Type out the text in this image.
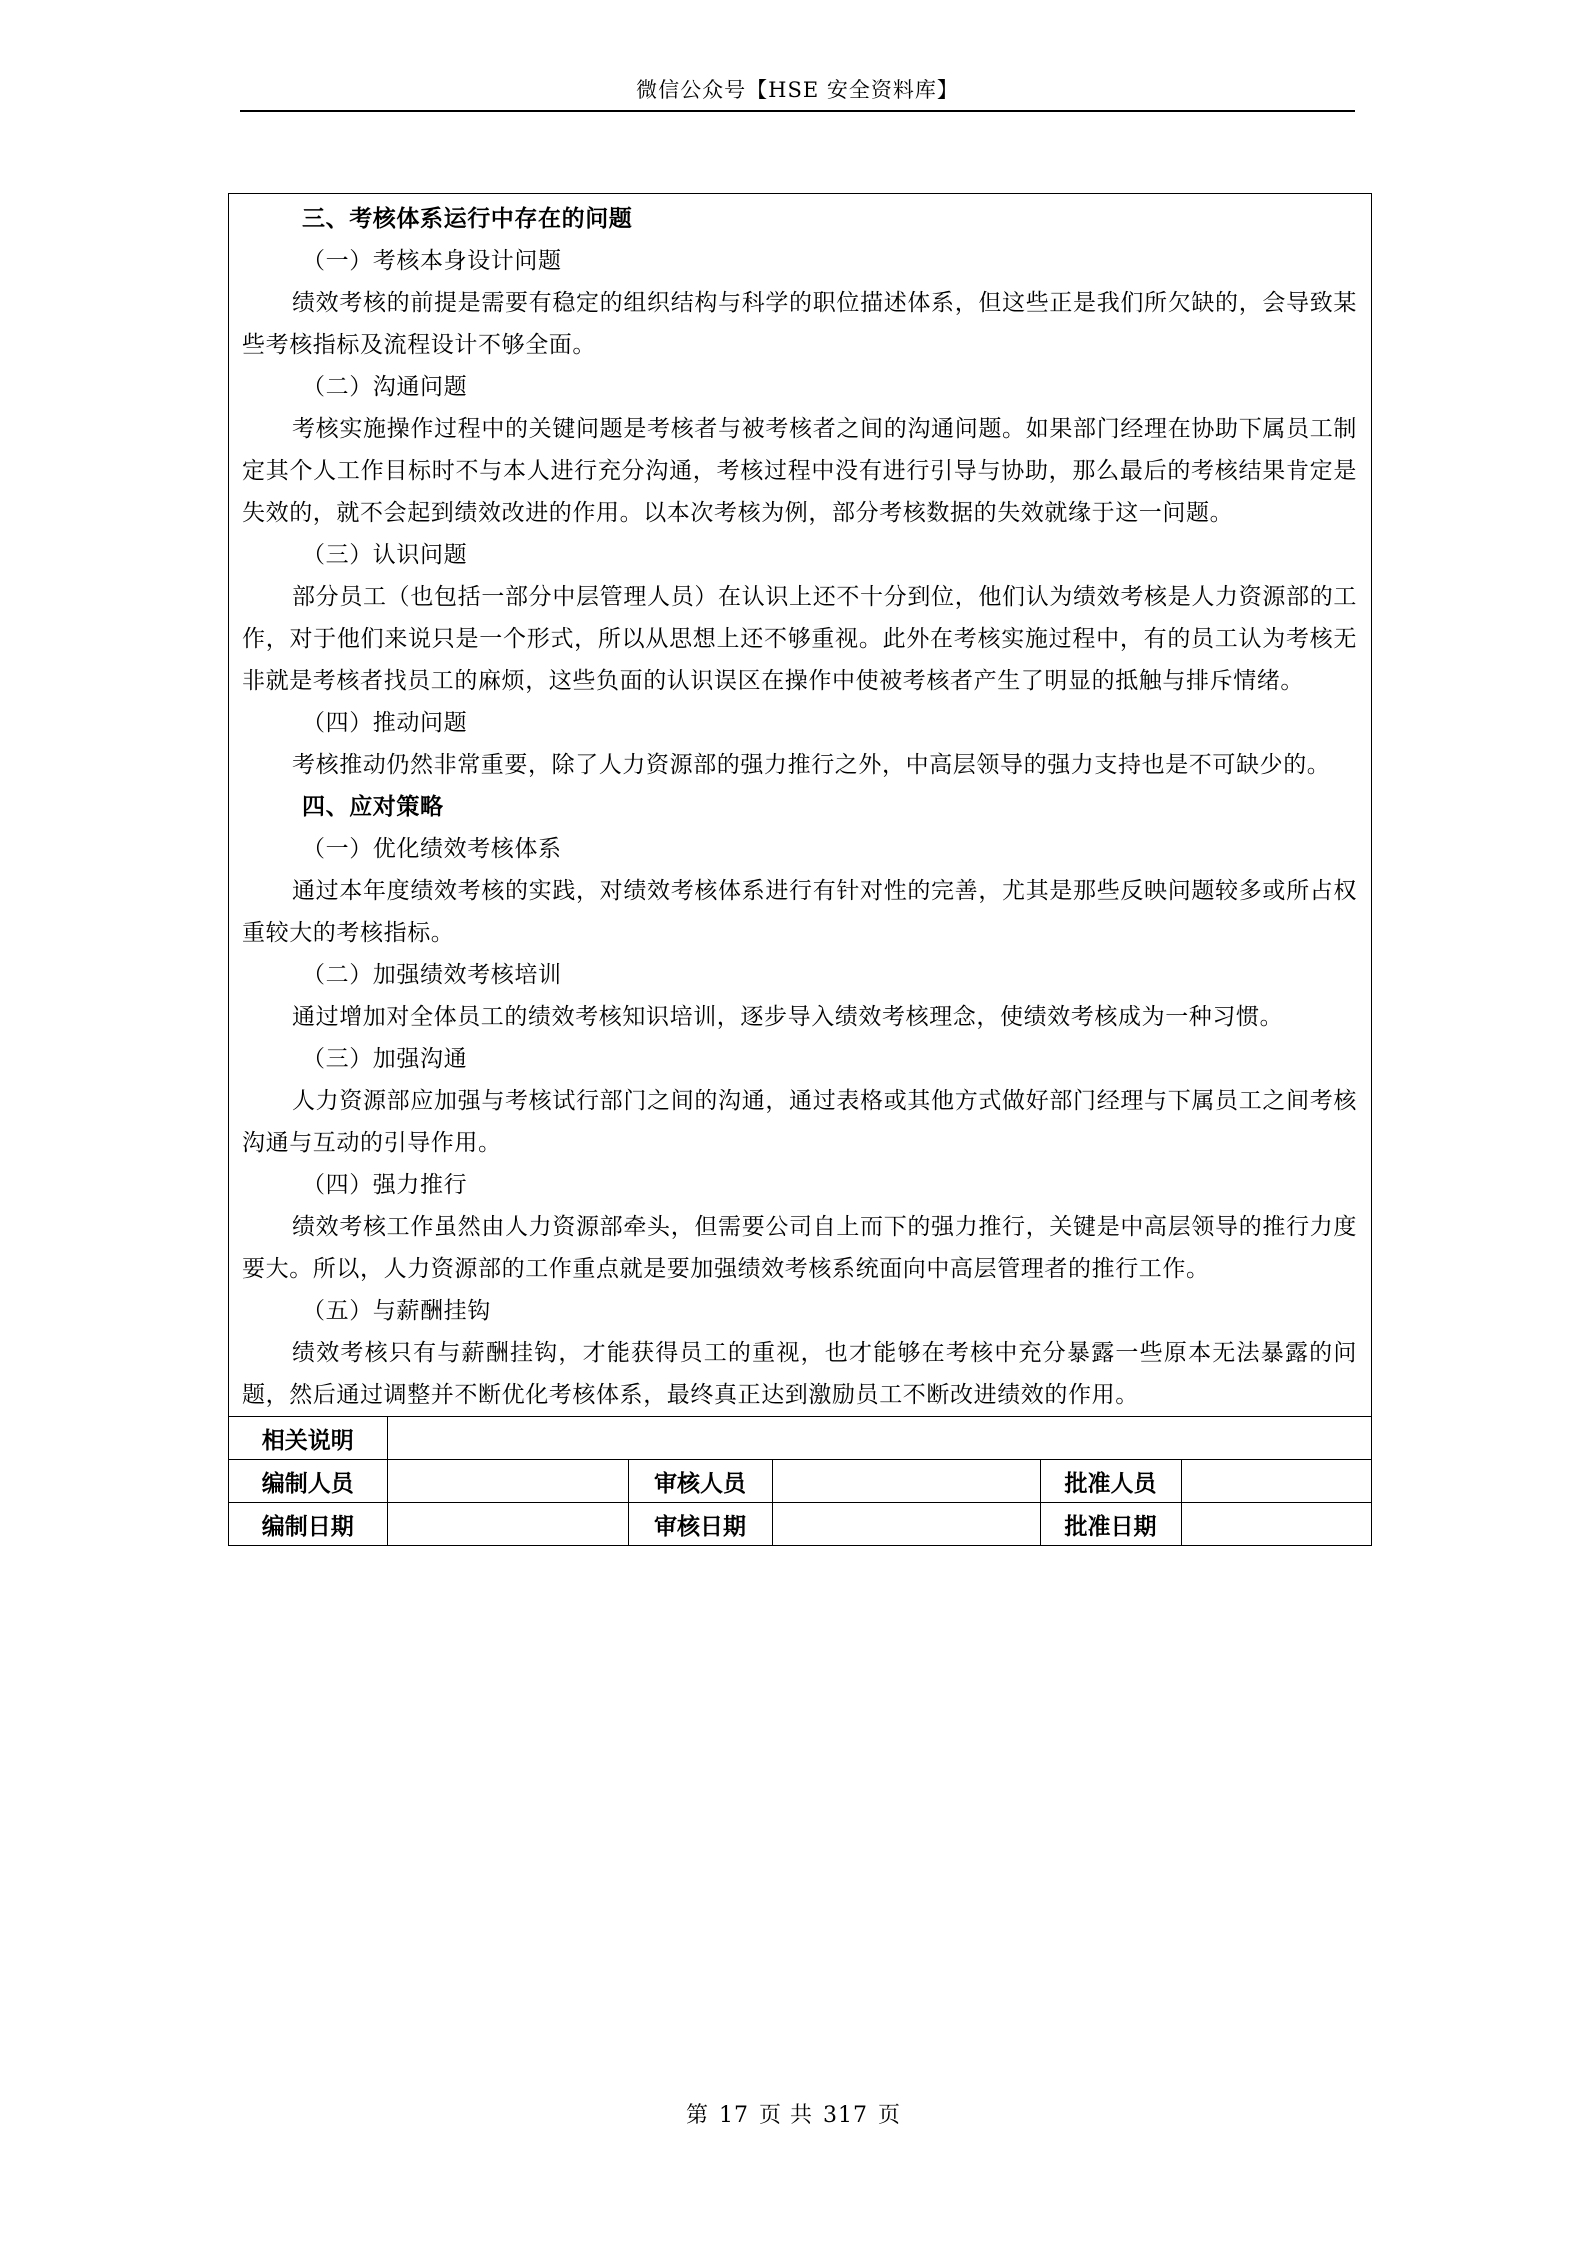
微信公众号【HSE 安全资料库】

三、考核体系运行中存在的问题

（一）考核本身设计问题

绩效考核的前提是需要有稳定的组织结构与科学的职位描述体系，但这些正是我们所欠缺的，会导致某些考核指标及流程设计不够全面。

（二）沟通问题

考核实施操作过程中的关键问题是考核者与被考核者之间的沟通问题。如果部门经理在协助下属员工制定其个人工作目标时不与本人进行充分沟通，考核过程中没有进行引导与协助，那么最后的考核结果肯定是失效的，就不会起到绩效改进的作用。以本次考核为例，部分考核数据的失效就缘于这一问题。

（三）认识问题

部分员工（也包括一部分中层管理人员）在认识上还不十分到位，他们认为绩效考核是人力资源部的工作，对于他们来说只是一个形式，所以从思想上还不够重视。此外在考核实施过程中，有的员工认为考核无非就是考核者找员工的麻烦，这些负面的认识误区在操作中使被考核者产生了明显的抵触与排斥情绪。

（四）推动问题

考核推动仍然非常重要，除了人力资源部的强力推行之外，中高层领导的强力支持也是不可缺少的。

四、应对策略

（一）优化绩效考核体系

通过本年度绩效考核的实践，对绩效考核体系进行有针对性的完善，尤其是那些反映问题较多或所占权重较大的考核指标。

（二）加强绩效考核培训

通过增加对全体员工的绩效考核知识培训，逐步导入绩效考核理念，使绩效考核成为一种习惯。

（三）加强沟通

人力资源部应加强与考核试行部门之间的沟通，通过表格或其他方式做好部门经理与下属员工之间考核沟通与互动的引导作用。

（四）强力推行

绩效考核工作虽然由人力资源部牵头，但需要公司自上而下的强力推行，关键是中高层领导的推行力度要大。所以，人力资源部的工作重点就是要加强绩效考核系统面向中高层管理者的推行工作。

（五）与薪酬挂钩

绩效考核只有与薪酬挂钩，才能获得员工的重视，也才能够在考核中充分暴露一些原本无法暴露的问题，然后通过调整并不断优化考核体系，最终真正达到激励员工不断改进绩效的作用。

相关说明					
编制人员		审核人员		批准人员	
编制日期		审核日期		批准日期	
第 17 页 共 317 页
